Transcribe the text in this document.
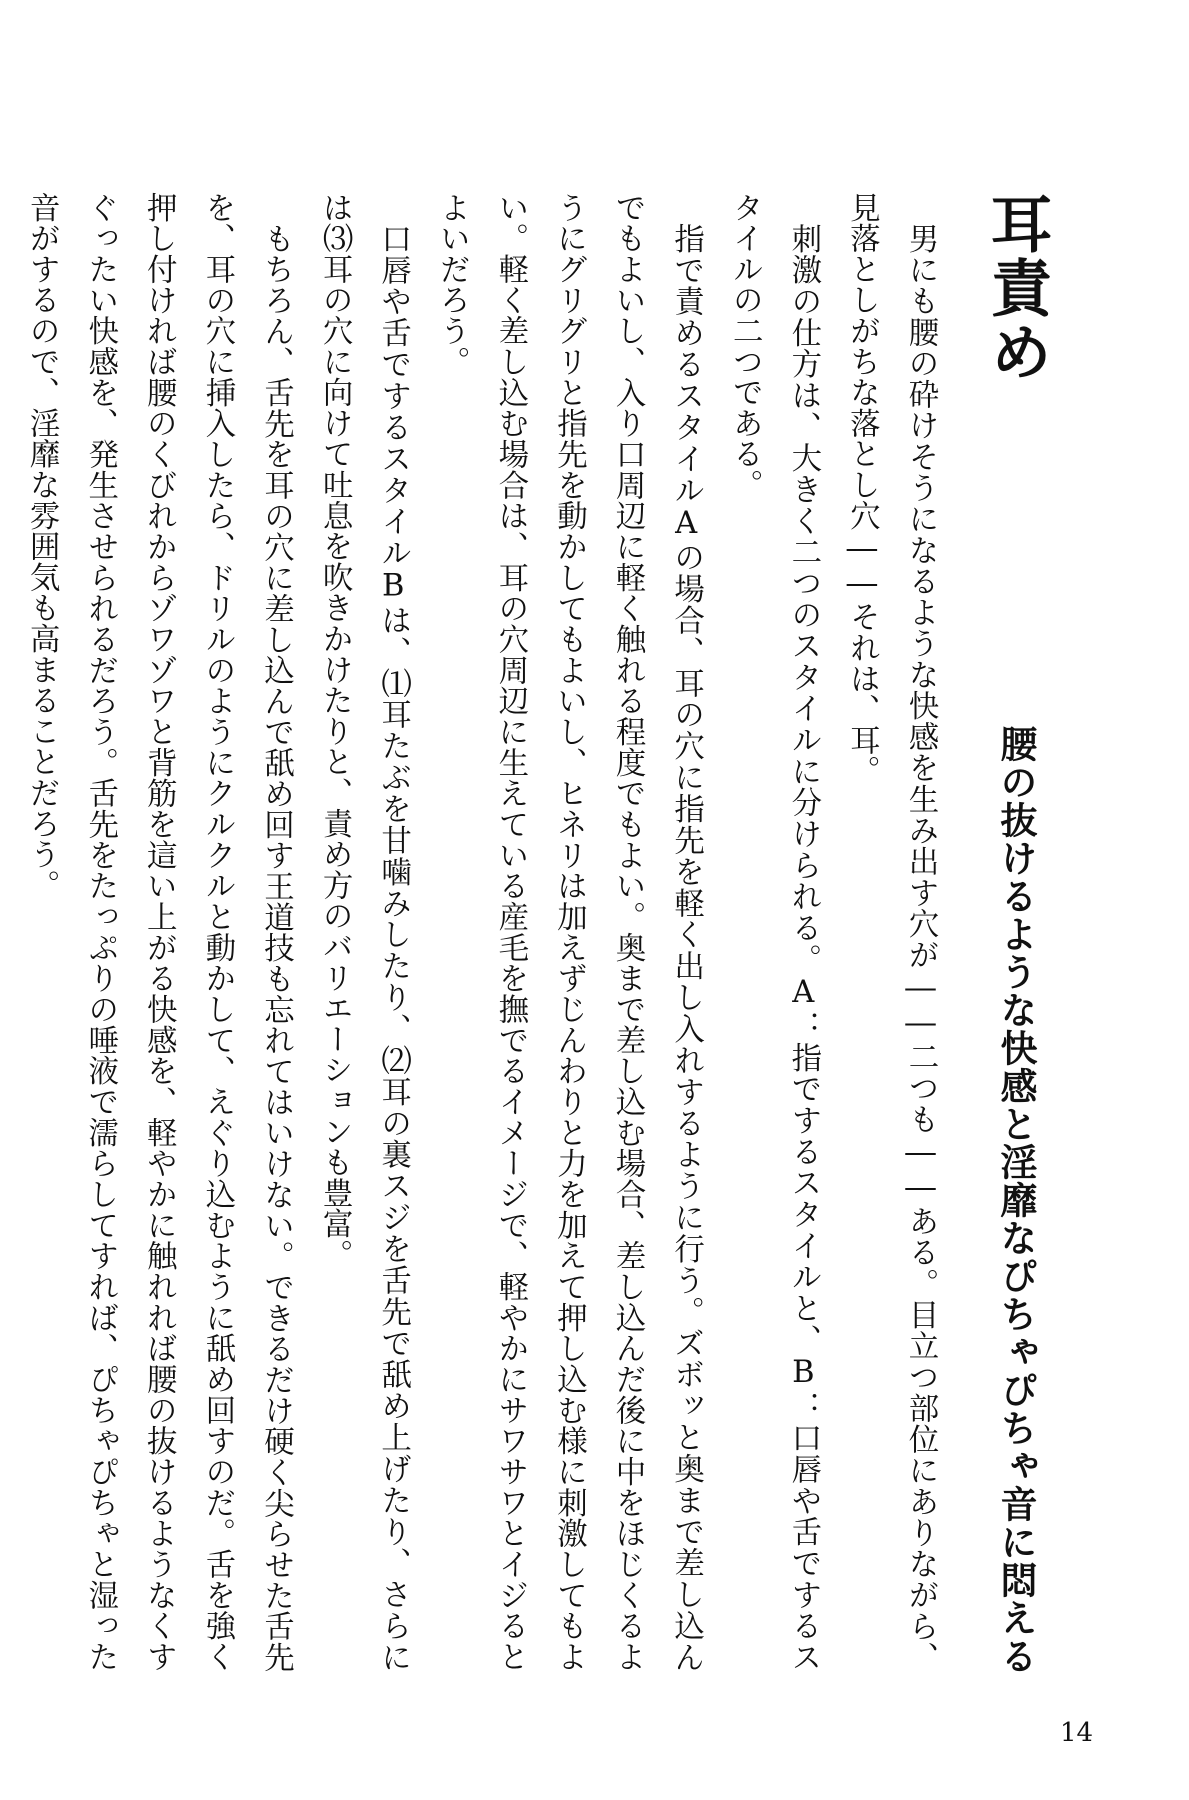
耳責め
腰の抜けるような快感と淫靡なぴちゃぴちゃ音に悶える

男にも腰の砕けそうになるような快感を生み出す穴が――二つも――ある。目立つ部位にありながら、見落としがちな落とし穴――それは、耳。

刺激の仕方は、大きく二つのスタイルに分けられる。A：指でするスタイルと、B：口唇や舌でするスタイルの二つである。

指で責めるスタイルAの場合、耳の穴に指先を軽く出し入れするように行う。ズボッと奥まで差し込んでもよいし、入り口周辺に軽く触れる程度でもよい。奥まで差し込む場合、差し込んだ後に中をほじくるようにグリグリと指先を動かしてもよいし、ヒネリは加えずじんわりと力を加えて押し込む様に刺激してもよい。軽く差し込む場合は、耳の穴周辺に生えている産毛を撫でるイメージで、軽やかにサワサワとイジるとよいだろう。

口唇や舌でするスタイルBは、⑴耳たぶを甘噛みしたり、⑵耳の裏スジを舌先で舐め上げたり、さらには⑶耳の穴に向けて吐息を吹きかけたりと、責め方のバリエーションも豊富。

もちろん、舌先を耳の穴に差し込んで舐め回す王道技も忘れてはいけない。できるだけ硬く尖らせた舌先を、耳の穴に挿入したら、ドリルのようにクルクルと動かして、えぐり込むように舐め回すのだ。舌を強く押し付ければ腰のくびれからゾワゾワと背筋を這い上がる快感を、軽やかに触れれば腰の抜けるようなくすぐったい快感を、発生させられるだろう。舌先をたっぷりの唾液で濡らしてすれば、ぴちゃぴちゃと湿った音がするので、淫靡な雰囲気も高まることだろう。

14
